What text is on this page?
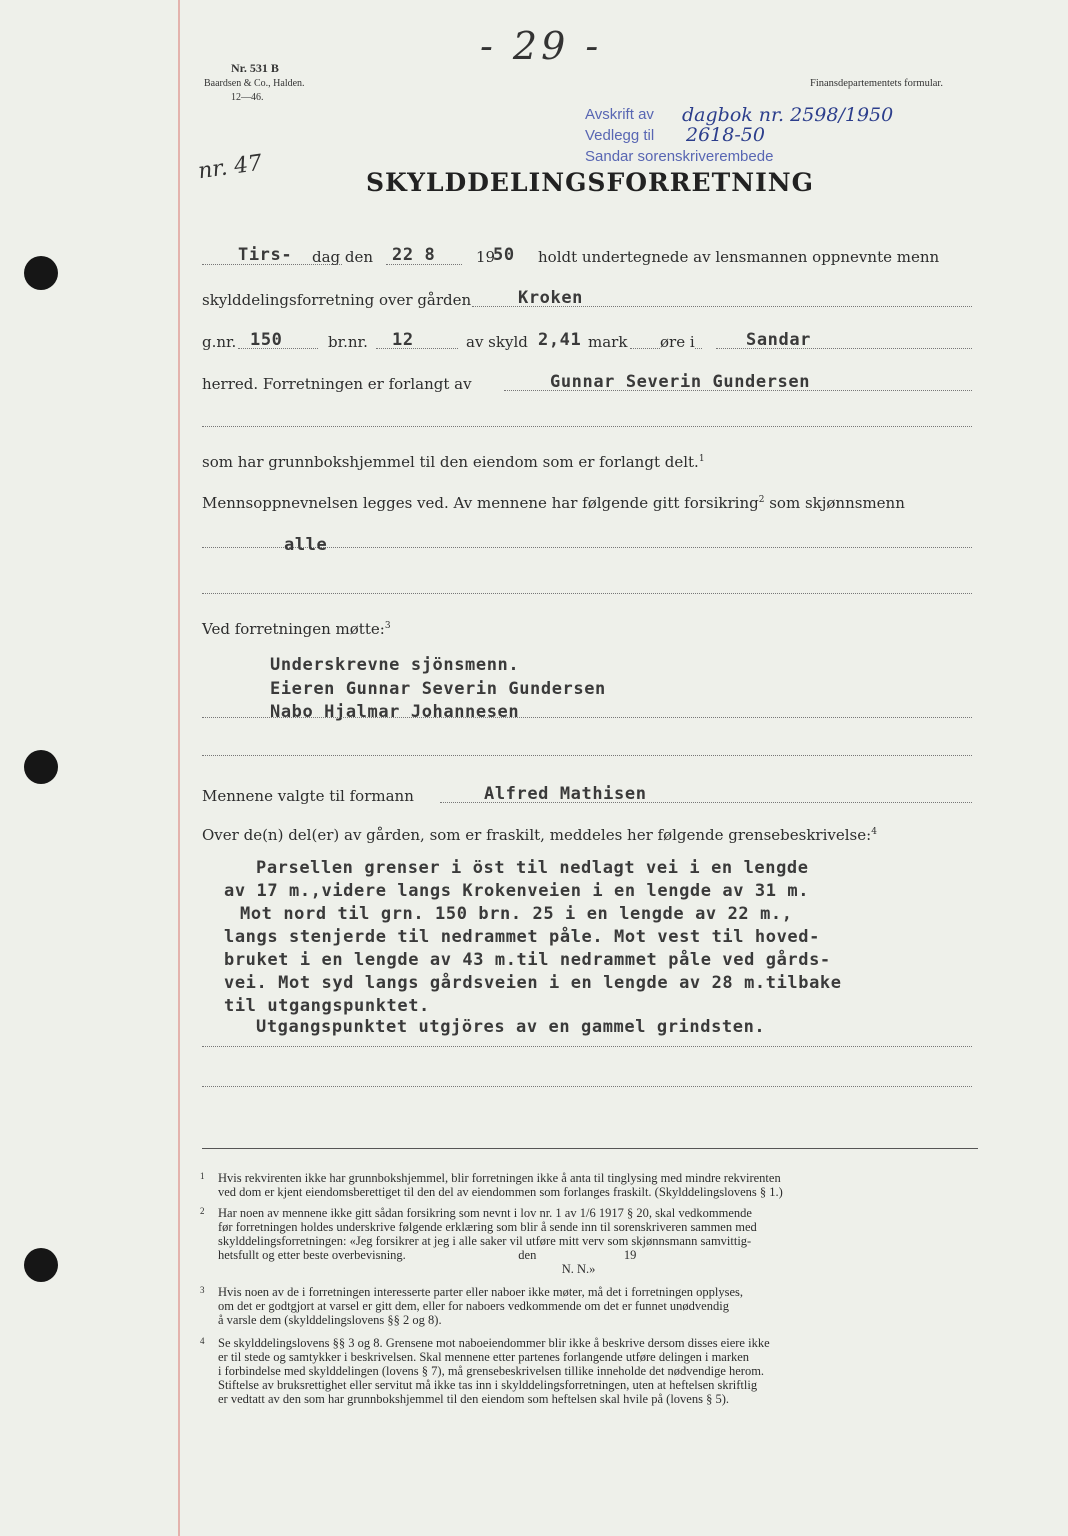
Nr. 531 B
Baardsen & Co., Halden.
12—46.
Finansdepartementets formular.
- 29 -
nr. 47
Avskrift av dagbok nr. 2598/1950
Vedlegg til 2618-50
Sandar sorenskriverembede
SKYLDDELINGSFORRETNING
Tirs- dag den 22 8	19
50 holdt undertegnede av lensmannen oppnevnte menn
skylddelingsforretning over gården	Kroken
g.nr. 150	br.nr. 12	av skyld 2,41 mark øre i	Sandar
herred. Forretningen er forlangt av	Gunnar Severin Gundersen
som har grunnbokshjemmel til den eiendom som er forlangt delt.$^1$
Mennsoppnevnelsen legges ved. Av mennene har følgende gitt forsikring$^2$ som skjønnsmenn
alle
Ved forretningen møtte:$^3$
Underskrevne sjönsmenn.
Eieren Gunnar Severin Gundersen
Nabo Hjalmar Johannesen
Mennene valgte til formann	Alfred Mathisen
Over de(n) del(er) av gården, som er fraskilt, meddeles her følgende grensebeskrivelse:$^4$
Parsellen grenser i öst til nedlagt vei i en lengde
av 17 m.,videre langs Krokenveien i en lengde av 31 m.
Mot nord til grn. 150 brn. 25 i en lengde av 22 m.,
langs stenjerde til nedrammet påle. Mot vest til hoved-
bruket i en lengde av 43 m.til nedrammet påle ved gårds-
vei. Mot syd langs gårdsveien i en lengde av 28 m.tilbake
til utgangspunktet.
Utgangspunktet utgjöres av en gammel grindsten.
1	Hvis rekvirenten ikke har grunnbokshjemmel, blir forretningen ikke å anta til tinglysing med mindre rekvirenten
ved dom er kjent eiendomsberettiget til den del av eiendommen som forlanges fraskilt. (Skylddelingslovens § 1.)
2	Har noen av mennene ikke gitt sådan forsikring som nevnt i lov nr. 1 av 1/6 1917 § 20, skal vedkommende
før forretningen holdes underskrive følgende erklæring som blir å sende inn til sorenskriveren sammen med
skylddelingsforretningen: «Jeg forsikrer at jeg i alle saker vil utføre mitt verv som skjønnsmann samvittig-
hetsfullt og etter beste overbevisning.                                    den                            19
N. N.»
3	Hvis noen av de i forretningen interesserte parter eller naboer ikke møter, må det i forretningen opplyses,
om det er godtgjort at varsel er gitt dem, eller for naboers vedkommende om det er funnet unødvendig
å varsle dem (skylddelingslovens §§ 2 og 8).
4	Se skylddelingslovens §§ 3 og 8. Grensene mot naboeiendommer blir ikke å beskrive dersom disses eiere ikke
er til stede og samtykker i beskrivelsen. Skal mennene etter partenes forlangende utføre delingen i marken
i forbindelse med skylddelingen (lovens § 7), må grensebeskrivelsen tillike inneholde det nødvendige herom.
Stiftelse av bruksrettighet eller servitut må ikke tas inn i skylddelingsforretningen, uten at heftelsen skriftlig
er vedtatt av den som har grunnbokshjemmel til den eiendom som heftelsen skal hvile på (lovens § 5).
